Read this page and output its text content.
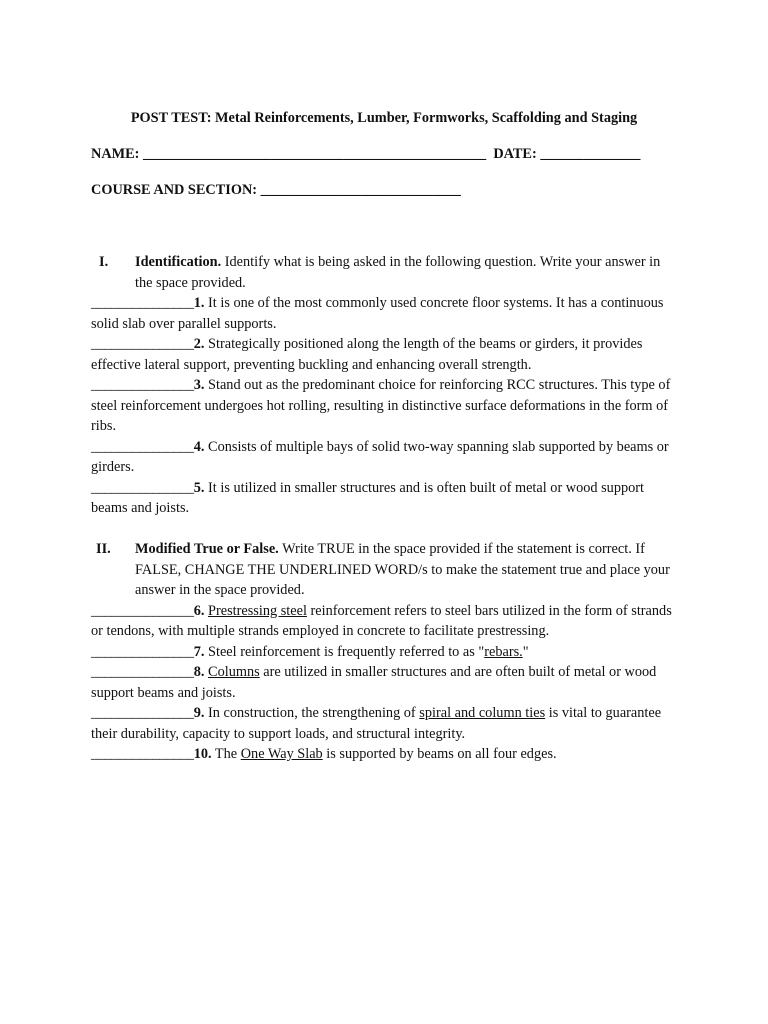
POST TEST: Metal Reinforcements, Lumber, Formworks, Scaffolding and Staging
NAME: ________________________________________________ DATE: ______________
COURSE AND SECTION: ____________________________
I. Identification. Identify what is being asked in the following question. Write your answer in the space provided.

_______________1. It is one of the most commonly used concrete floor systems. It has a continuous solid slab over parallel supports.

_______________2. Strategically positioned along the length of the beams or girders, it provides effective lateral support, preventing buckling and enhancing overall strength.

_______________3. Stand out as the predominant choice for reinforcing RCC structures. This type of steel reinforcement undergoes hot rolling, resulting in distinctive surface deformations in the form of ribs.

_______________4. Consists of multiple bays of solid two-way spanning slab supported by beams or girders.

_______________5. It is utilized in smaller structures and is often built of metal or wood support beams and joists.

II. Modified True or False. Write TRUE in the space provided if the statement is correct. If FALSE, CHANGE THE UNDERLINED WORD/s to make the statement true and place your answer in the space provided.

_______________6. Prestressing steel reinforcement refers to steel bars utilized in the form of strands or tendons, with multiple strands employed in concrete to facilitate prestressing.

_______________7. Steel reinforcement is frequently referred to as "rebars."

_______________8. Columns are utilized in smaller structures and are often built of metal or wood support beams and joists.

_______________9. In construction, the strengthening of spiral and column ties is vital to guarantee their durability, capacity to support loads, and structural integrity.

_______________10. The One Way Slab is supported by beams on all four edges.
